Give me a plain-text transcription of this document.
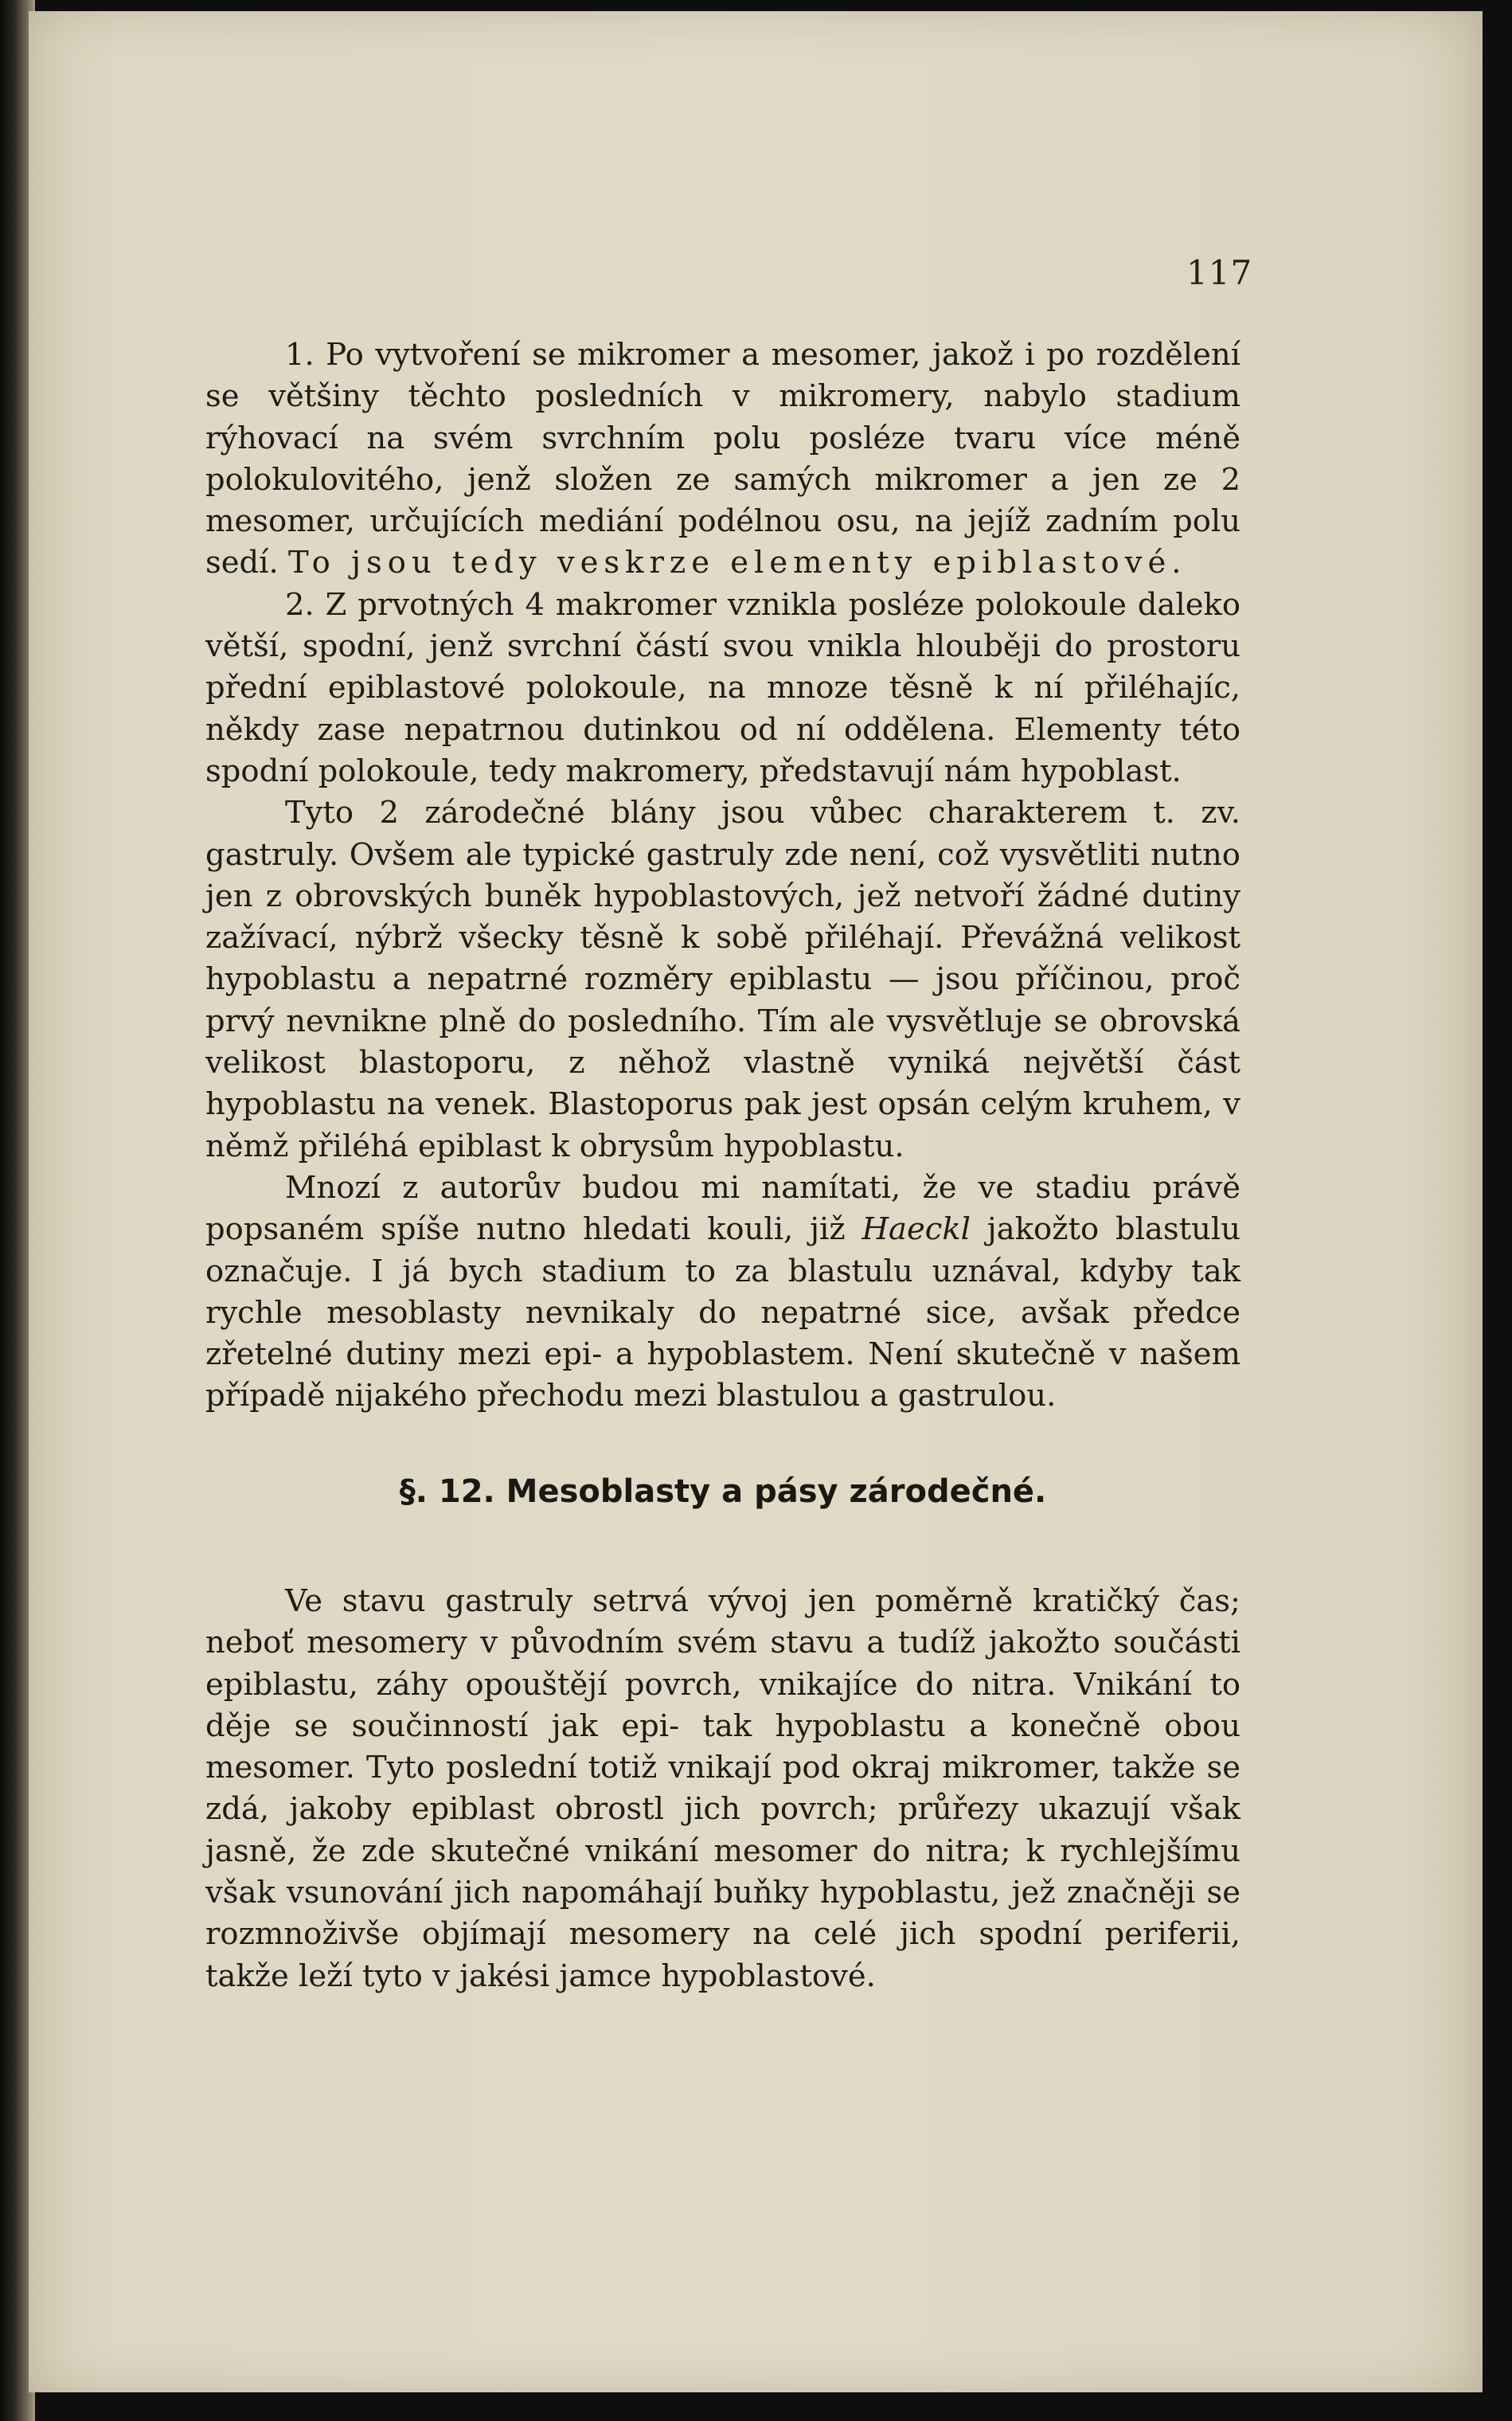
117

1. Po vytvoření se mikromer a mesomer, jakož i po rozdělení se většiny těchto posledních v mikromery, nabylo stadium rýhovací na svém svrchním polu posléze tvaru více méně polokulovitého, jenž složen ze samých mikromer a jen ze 2 mesomer, určujících mediání podélnou osu, na jejíž zadním polu sedí. To jsou tedy veskrze elementy epiblastové.

2. Z prvotných 4 makromer vznikla posléze polokoule daleko větší, spodní, jenž svrchní částí svou vnikla hlouběji do prostoru přední epiblastové polokoule, na mnoze těsně k ní přiléhajíc, někdy zase nepatrnou dutinkou od ní oddělena. Elementy této spodní polokoule, tedy makromery, představují nám hypoblast.

Tyto 2 zárodečné blány jsou vůbec charakterem t. zv. gastruly. Ovšem ale typické gastruly zde není, což vysvětliti nutno jen z obrovských buněk hypoblastových, jež netvoří žádné dutiny zažívací, nýbrž všecky těsně k sobě přiléhají. Převážná velikost hypoblastu a nepatrné rozměry epiblastu — jsou příčinou, proč prvý nevnikne plně do posledního. Tím ale vysvětluje se obrovská velikost blastoporu, z něhož vlastně vyniká největší část hypoblastu na venek. Blastoporus pak jest opsán celým kruhem, v němž přiléhá epiblast k obrysům hypoblastu.

Mnozí z autorův budou mi namítati, že ve stadiu právě popsaném spíše nutno hledati kouli, již Haeckl jakožto blastulu označuje. I já bych stadium to za blastulu uznával, kdyby tak rychle mesoblasty nevnikaly do nepatrné sice, avšak předce zřetelné dutiny mezi epi- a hypoblastem. Není skutečně v našem případě nijakého přechodu mezi blastulou a gastrulou.

§. 12. Mesoblasty a pásy zárodečné.

Ve stavu gastruly setrvá vývoj jen poměrně kratičký čas; neboť mesomery v původním svém stavu a tudíž jakožto součásti epiblastu, záhy opouštějí povrch, vnikajíce do nitra. Vnikání to děje se součinností jak epi- tak hypoblastu a konečně obou mesomer. Tyto poslední totiž vnikají pod okraj mikromer, takže se zdá, jakoby epiblast obrostl jich povrch; průřezy ukazují však jasně, že zde skutečné vnikání mesomer do nitra; k rychlejšímu však vsunování jich napomáhají buňky hypoblastu, jež značněji se rozmnoživše objímají mesomery na celé jich spodní periferii, takže leží tyto v jakési jamce hypoblastové.
